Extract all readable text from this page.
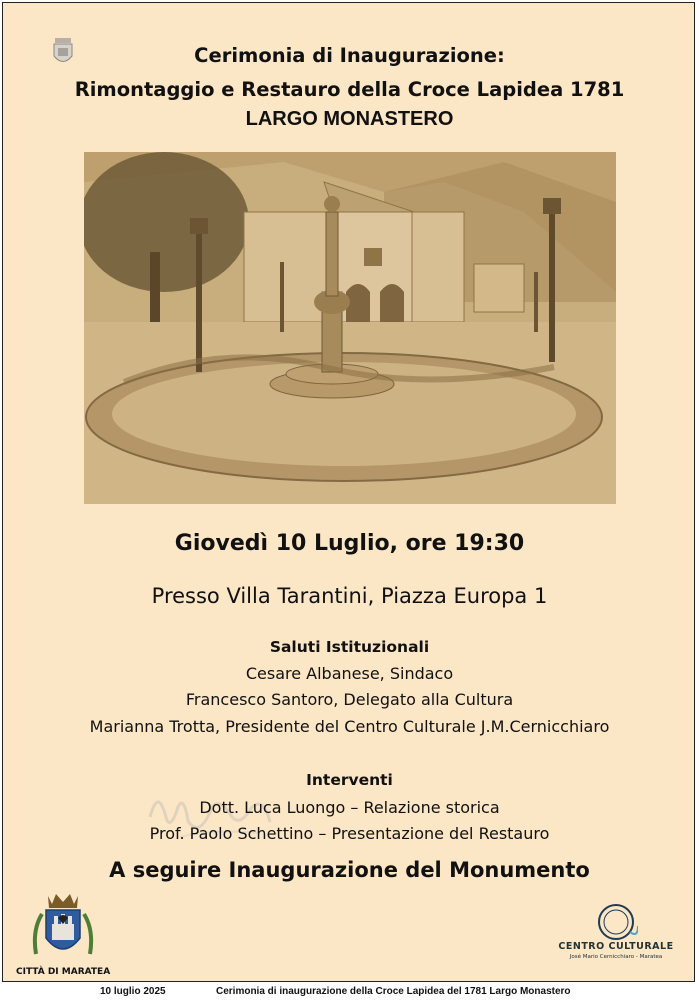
Cerimonia di Inaugurazione:
Rimontaggio e Restauro della Croce Lapidea 1781
LARGO MONASTERO
Giovedì 10 Luglio, ore 19:30
Presso Villa Tarantini, Piazza Europa 1
Saluti Istituzionali
Cesare Albanese, Sindaco
Francesco Santoro, Delegato alla Cultura
Marianna Trotta, Presidente del Centro Culturale J.M.Cernicchiaro
Interventi
Dott. Luca Luongo – Relazione storica
Prof. Paolo Schettino – Presentazione del Restauro
A seguire Inaugurazione del Monumento
CITTÀ DI MARATEA
CENTRO CULTURALE
José Mario Cernicchiaro - Maratea
10 luglio 2025	Cerimonia di inaugurazione della Croce Lapidea del 1781 Largo Monastero
